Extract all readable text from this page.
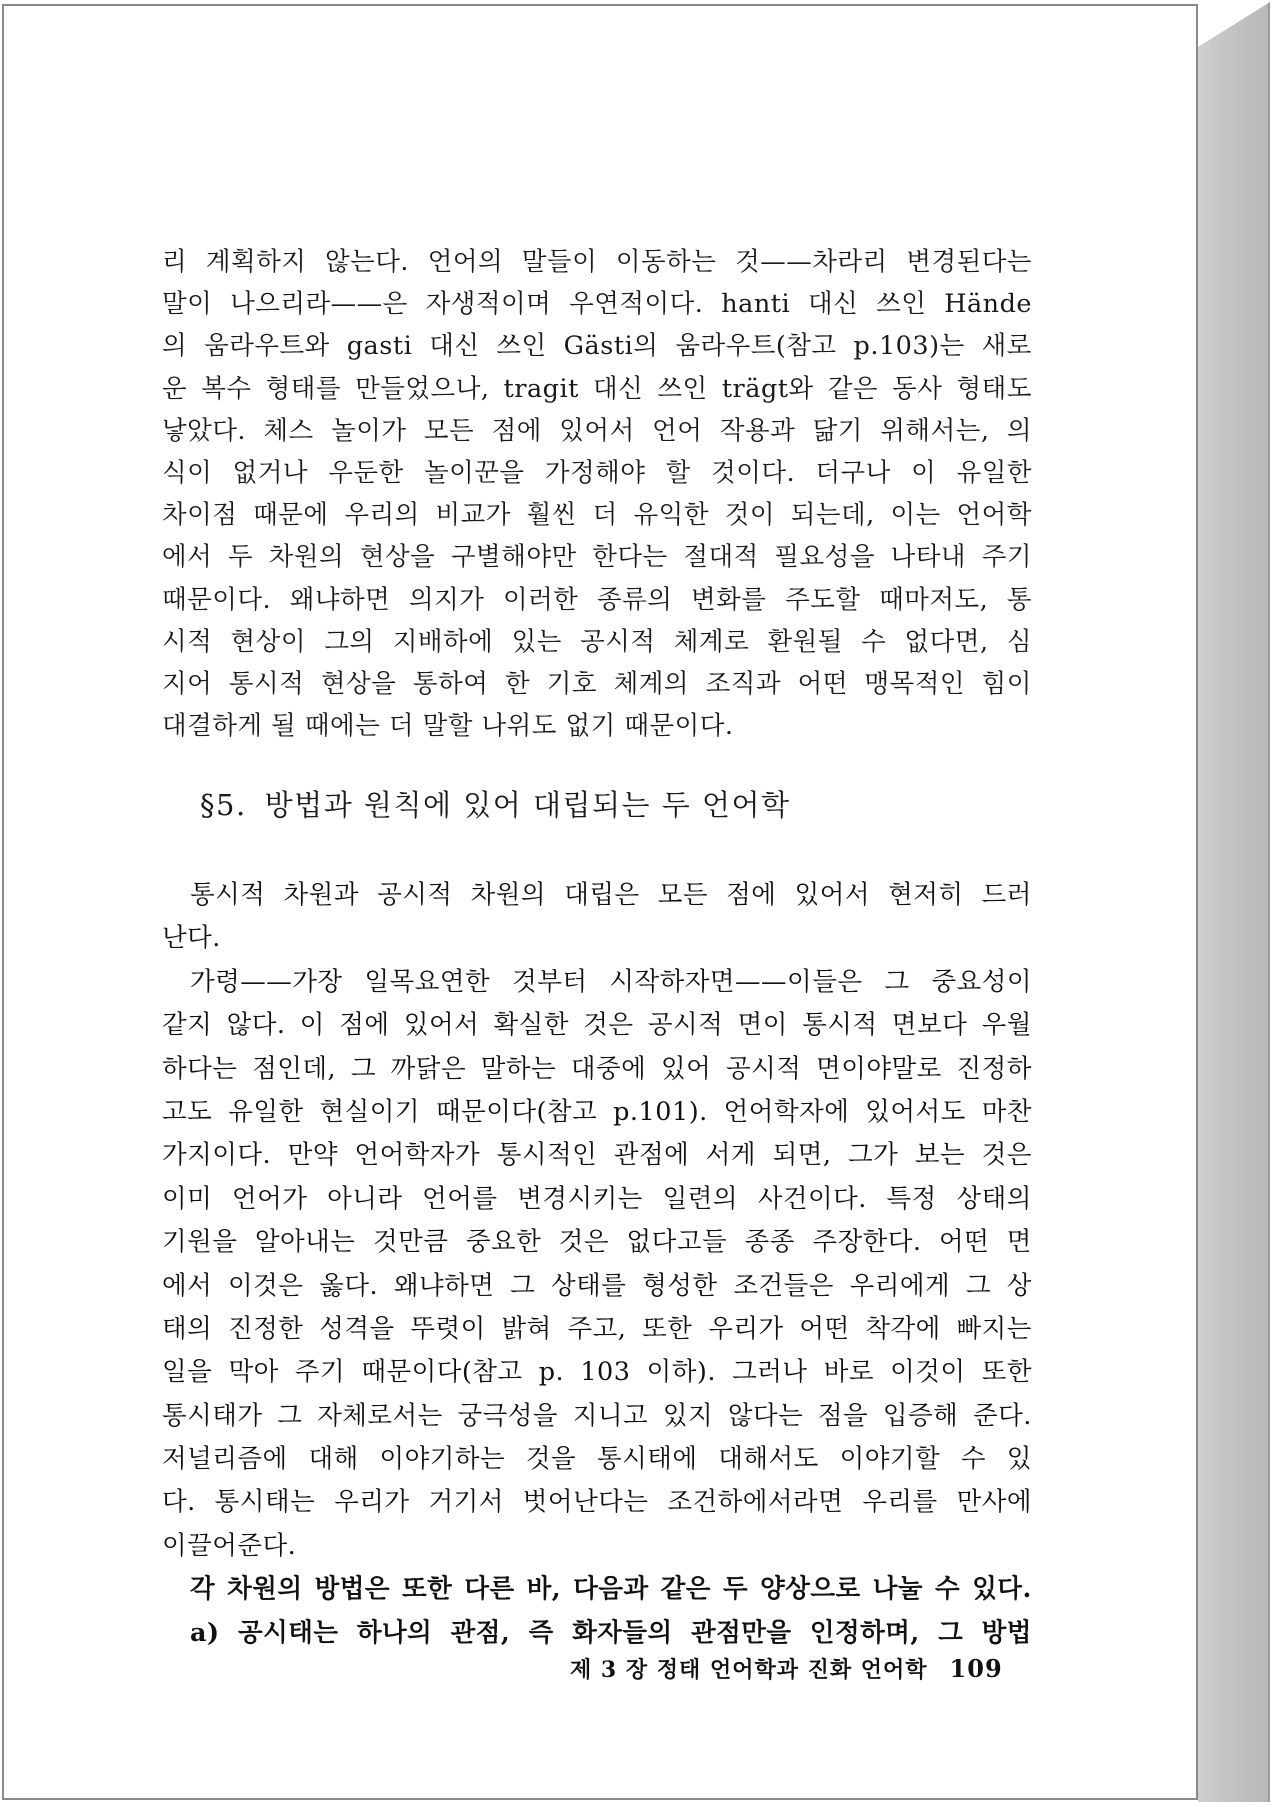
리 계획하지 않는다. 언어의 말들이 이동하는 것——차라리 변경된다는
말이 나으리라——은 자생적이며 우연적이다. hanti 대신 쓰인 Hände
의 움라우트와 gasti 대신 쓰인 Gästi의 움라우트(참고 p.103)는 새로
운 복수 형태를 만들었으나, tragit 대신 쓰인 trägt와 같은 동사 형태도
낳았다. 체스 놀이가 모든 점에 있어서 언어 작용과 닮기 위해서는, 의
식이 없거나 우둔한 놀이꾼을 가정해야 할 것이다. 더구나 이 유일한
차이점 때문에 우리의 비교가 훨씬 더 유익한 것이 되는데, 이는 언어학
에서 두 차원의 현상을 구별해야만 한다는 절대적 필요성을 나타내 주기
때문이다. 왜냐하면 의지가 이러한 종류의 변화를 주도할 때마저도, 통
시적 현상이 그의 지배하에 있는 공시적 체계로 환원될 수 없다면, 심
지어 통시적 현상을 통하여 한 기호 체계의 조직과 어떤 맹목적인 힘이
대결하게 될 때에는 더 말할 나위도 없기 때문이다.
§5. 방법과 원칙에 있어 대립되는 두 언어학
통시적 차원과 공시적 차원의 대립은 모든 점에 있어서 현저히 드러
난다.
가령——가장 일목요연한 것부터 시작하자면——이들은 그 중요성이
같지 않다. 이 점에 있어서 확실한 것은 공시적 면이 통시적 면보다 우월
하다는 점인데, 그 까닭은 말하는 대중에 있어 공시적 면이야말로 진정하
고도 유일한 현실이기 때문이다(참고 p.101). 언어학자에 있어서도 마찬
가지이다. 만약 언어학자가 통시적인 관점에 서게 되면, 그가 보는 것은
이미 언어가 아니라 언어를 변경시키는 일련의 사건이다. 특정 상태의
기원을 알아내는 것만큼 중요한 것은 없다고들 종종 주장한다. 어떤 면
에서 이것은 옳다. 왜냐하면 그 상태를 형성한 조건들은 우리에게 그 상
태의 진정한 성격을 뚜렷이 밝혀 주고, 또한 우리가 어떤 착각에 빠지는
일을 막아 주기 때문이다(참고 p. 103 이하). 그러나 바로 이것이 또한
통시태가 그 자체로서는 궁극성을 지니고 있지 않다는 점을 입증해 준다.
저널리즘에 대해 이야기하는 것을 통시태에 대해서도 이야기할 수 있
다. 통시태는 우리가 거기서 벗어난다는 조건하에서라면 우리를 만사에
이끌어준다.
각 차원의 방법은 또한 다른 바, 다음과 같은 두 양상으로 나눌 수 있다.
a) 공시태는 하나의 관점, 즉 화자들의 관점만을 인정하며, 그 방법
제 3 장 정태 언어학과 진화 언어학 109
